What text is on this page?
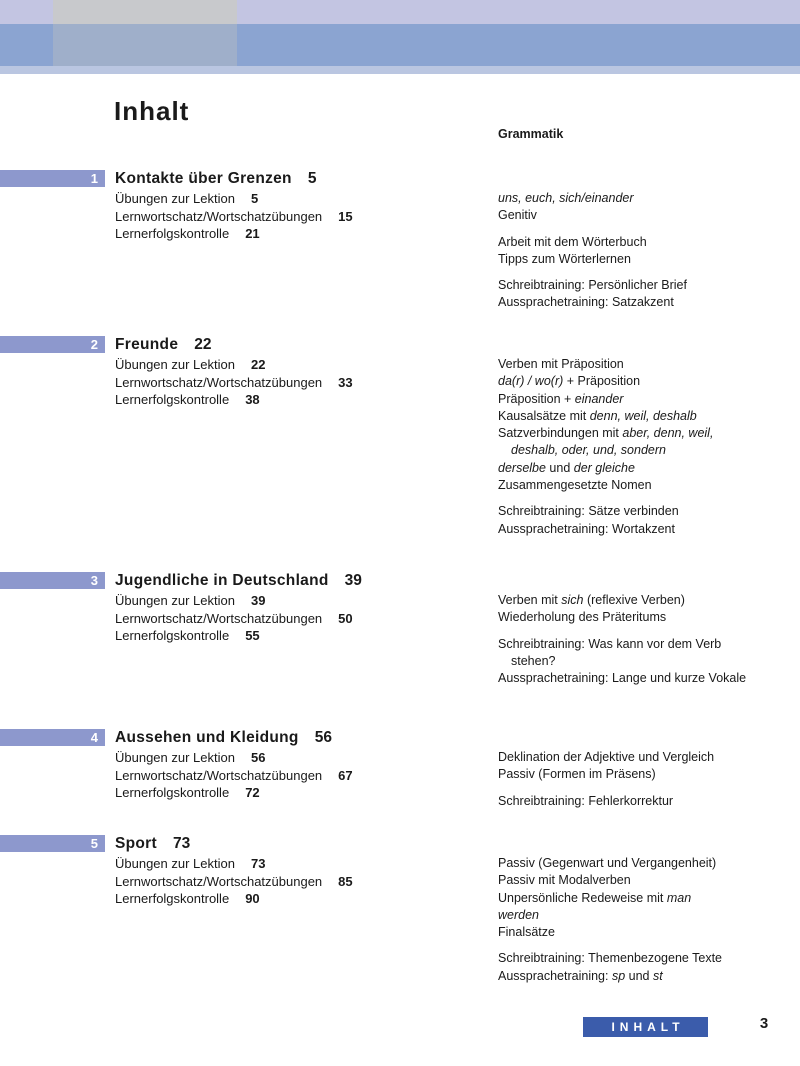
Inhalt
Grammatik
1	Kontakte über Grenzen 5
Übungen zur Lektion 5
Lernwortschatz/Wortschatzübungen 15
Lernerfolgskontrolle 21
uns, euch, sich/einander
Genitiv
Arbeit mit dem Wörterbuch
Tipps zum Wörterlernen
Schreibtraining: Persönlicher Brief
Aussprachetraining: Satzakzent
2	Freunde 22
Übungen zur Lektion 22
Lernwortschatz/Wortschatzübungen 33
Lernerfolgskontrolle 38
Verben mit Präposition
da(r) / wo(r) + Präposition
Präposition + einander
Kausalsätze mit denn, weil, deshalb
Satzverbindungen mit aber, denn, weil,
deshalb, oder, und, sondern
derselbe und der gleiche
Zusammengesetzte Nomen
Schreibtraining: Sätze verbinden
Aussprachetraining: Wortakzent
3	Jugendliche in Deutschland 39
Übungen zur Lektion 39
Lernwortschatz/Wortschatzübungen 50
Lernerfolgskontrolle 55
Verben mit sich (reflexive Verben)
Wiederholung des Präteritums
Schreibtraining: Was kann vor dem Verb
stehen?
Aussprachetraining: Lange und kurze Vokale
4	Aussehen und Kleidung 56
Übungen zur Lektion 56
Lernwortschatz/Wortschatzübungen 67
Lernerfolgskontrolle 72
Deklination der Adjektive und Vergleich
Passiv (Formen im Präsens)
Schreibtraining: Fehlerkorrektur
5	Sport 73
Übungen zur Lektion 73
Lernwortschatz/Wortschatzübungen 85
Lernerfolgskontrolle 90
Passiv (Gegenwart und Vergangenheit)
Passiv mit Modalverben
Unpersönliche Redeweise mit man
werden
Finalsätze
Schreibtraining: Themenbezogene Texte
Aussprachetraining: sp und st
INHALT	3
